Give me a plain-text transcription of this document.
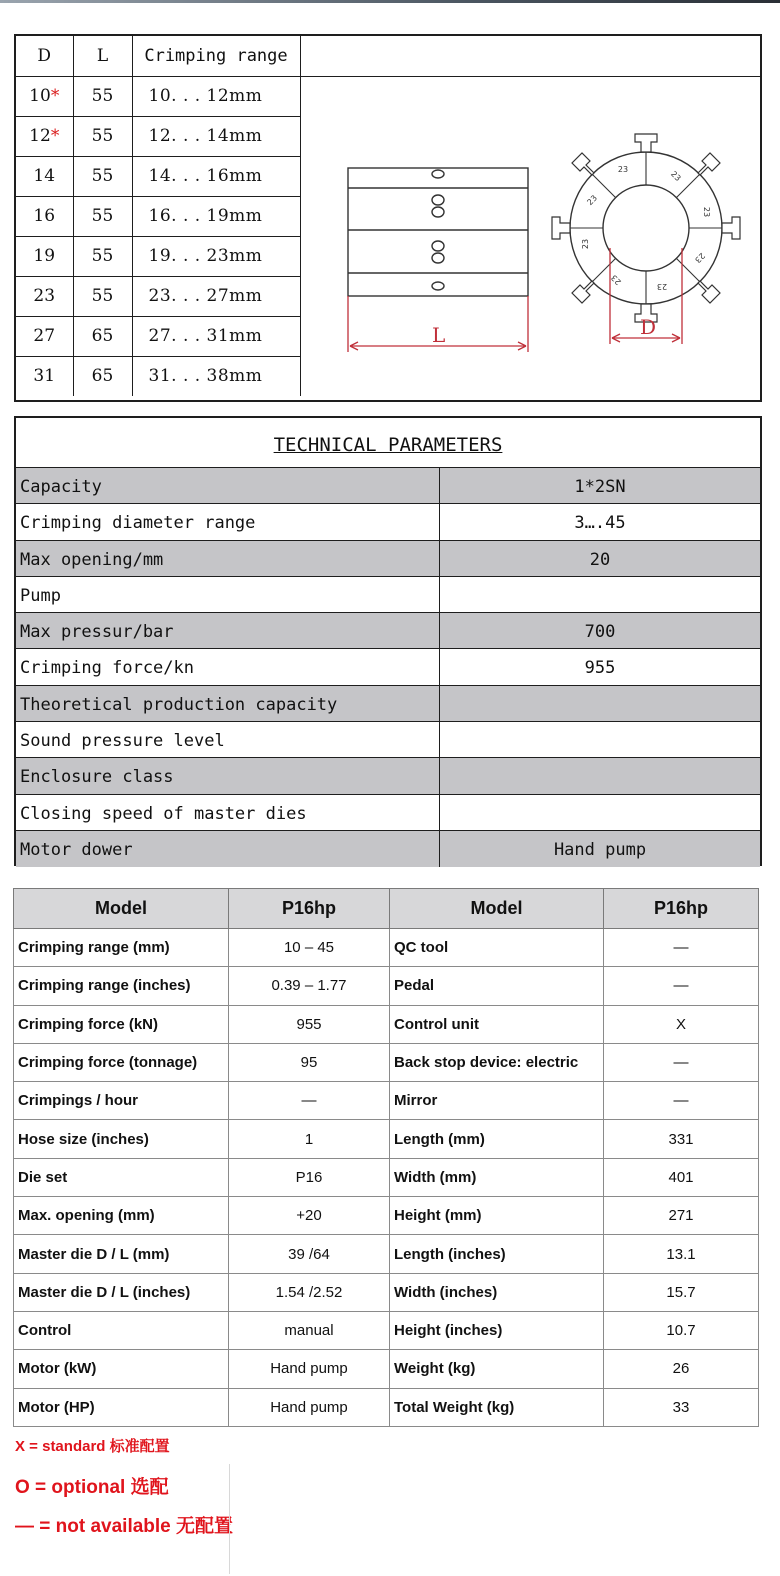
D	L	Crimping range
10*	55	10. . . 12mm
12*	55	12. . . 14mm
14	55	14. . . 16mm
16	55	16. . . 19mm
19	55	19. . . 23mm
23	55	23. . . 27mm
27	65	27. . . 31mm
31	65	31. . . 38mm
L
23	23
23
23
23
23
23
23
D
TECHNICAL PARAMETERS
Capacity	1*2SN
Crimping diameter range	3….45
Max opening/mm	20
Pump
Max pressur/bar	700
Crimping force/kn	955
Theoretical production capacity
Sound pressure level
Enclosure class
Closing speed of master dies
Motor dower	Hand pump
Model	P16hp	Model	P16hp
Crimping range (mm)	10 – 45	QC tool	—
Crimping range (inches)	0.39 – 1.77	Pedal	—
Crimping force (kN)	955	Control unit	X
Crimping force (tonnage)	95	Back stop device: electric	—
Crimpings / hour	—	Mirror	—
Hose size (inches)	1	Length (mm)	331
Die set	P16	Width (mm)	401
Max. opening (mm)	+20	Height (mm)	271
Master die D / L (mm)	39 /64	Length (inches)	13.1
Master die D / L (inches)	1.54 /2.52	Width (inches)	15.7
Control	manual	Height (inches)	10.7
Motor (kW)	Hand pump	Weight (kg)	26
Motor (HP)	Hand pump	Total Weight (kg)	33
X = standard 标准配置
O = optional 选配
— = not available 无配置
